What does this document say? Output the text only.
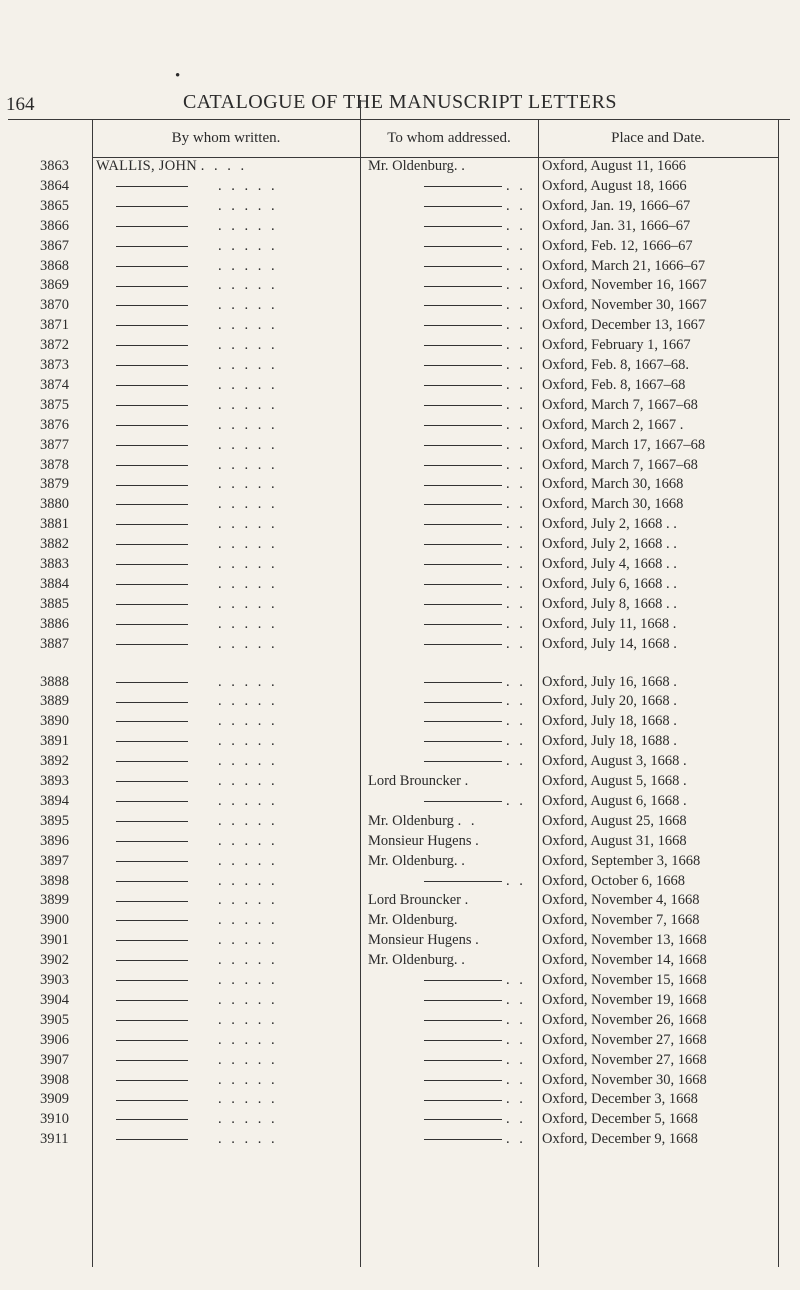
164
•
CATALOGUE OF THE MANUSCRIPT LETTERS
By whom written.	To whom addressed.	Place and Date.
3863	WALLIS, JOHN . . . .	Mr. Oldenburg. .	Oxford, August 11, 1666
3864	. . . . .	. .	Oxford, August 18, 1666
3865	. . . . .	. .	Oxford, Jan. 19, 1666–67
3866	. . . . .	. .	Oxford, Jan. 31, 1666–67
3867	. . . . .	. .	Oxford, Feb. 12, 1666–67
3868	. . . . .	. .	Oxford, March 21, 1666–67
3869	. . . . .	. .	Oxford, November 16, 1667
3870	. . . . .	. .	Oxford, November 30, 1667
3871	. . . . .	. .	Oxford, December 13, 1667
3872	. . . . .	. .	Oxford, February 1, 1667
3873	. . . . .	. .	Oxford, Feb. 8, 1667–68.
3874	. . . . .	. .	Oxford, Feb. 8, 1667–68
3875	. . . . .	. .	Oxford, March 7, 1667–68
3876	. . . . .	. .	Oxford, March 2, 1667 .
3877	. . . . .	. .	Oxford, March 17, 1667–68
3878	. . . . .	. .	Oxford, March 7, 1667–68
3879	. . . . .	. .	Oxford, March 30, 1668
3880	. . . . .	. .	Oxford, March 30, 1668
3881	. . . . .	. .	Oxford, July 2, 1668 . .
3882	. . . . .	. .	Oxford, July 2, 1668 . .
3883	. . . . .	. .	Oxford, July 4, 1668 . .
3884	. . . . .	. .	Oxford, July 6, 1668 . .
3885	. . . . .	. .	Oxford, July 8, 1668 . .
3886	. . . . .	. .	Oxford, July 11, 1668 .
3887	. . . . .	. .	Oxford, July 14, 1668 .
3888	. . . . .	. .	Oxford, July 16, 1668 .
3889	. . . . .	. .	Oxford, July 20, 1668 .
3890	. . . . .	. .	Oxford, July 18, 1668 .
3891	. . . . .	. .	Oxford, July 18, 1688 .
3892	. . . . .	. .	Oxford, August 3, 1668 .
3893	. . . . .	Lord Brouncker .	Oxford, August 5, 1668 .
3894	. . . . .	. .	Oxford, August 6, 1668 .
3895	. . . . .	Mr. Oldenburg . .	Oxford, August 25, 1668
3896	. . . . .	Monsieur Hugens .	Oxford, August 31, 1668
3897	. . . . .	Mr. Oldenburg. .	Oxford, September 3, 1668
3898	. . . . .	. .	Oxford, October 6, 1668
3899	. . . . .	Lord Brouncker .	Oxford, November 4, 1668
3900	. . . . .	Mr. Oldenburg.	Oxford, November 7, 1668
3901	. . . . .	Monsieur Hugens .	Oxford, November 13, 1668
3902	. . . . .	Mr. Oldenburg. .	Oxford, November 14, 1668
3903	. . . . .	. .	Oxford, November 15, 1668
3904	. . . . .	. .	Oxford, November 19, 1668
3905	. . . . .	. .	Oxford, November 26, 1668
3906	. . . . .	. .	Oxford, November 27, 1668
3907	. . . . .	. .	Oxford, November 27, 1668
3908	. . . . .	. .	Oxford, November 30, 1668
3909	. . . . .	. .	Oxford, December 3, 1668
3910	. . . . .	. .	Oxford, December 5, 1668
3911	. . . . .	. .	Oxford, December 9, 1668
